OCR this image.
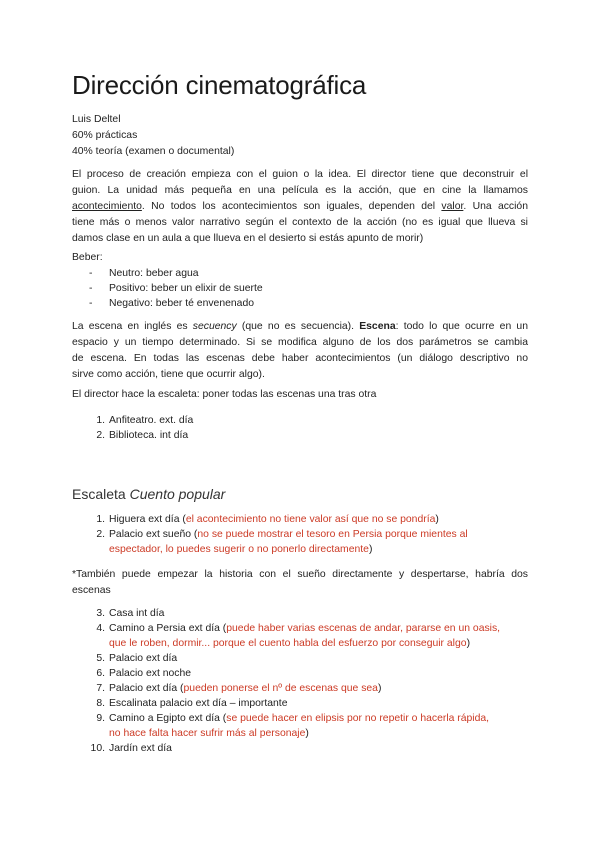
Dirección cinematográfica
Luis Deltel
60% prácticas
40% teoría (examen o documental)
El proceso de creación empieza con el guion o la idea. El director tiene que deconstruir el
guion. La unidad más pequeña en una película es la acción, que en cine la llamamos
acontecimiento. No todos los acontecimientos son iguales, dependen del valor. Una acción
tiene más o menos valor narrativo según el contexto de la acción (no es igual que llueva si
damos clase en un aula a que llueva en el desierto si estás apunto de morir)
Beber:
- Neutro: beber agua
- Positivo: beber un elixir de suerte
- Negativo: beber té envenenado
La escena en inglés es secuency (que no es secuencia). Escena: todo lo que ocurre en un
espacio y un tiempo determinado. Si se modifica alguno de los dos parámetros se cambia
de escena. En todas las escenas debe haber acontecimientos (un diálogo descriptivo no
sirve como acción, tiene que ocurrir algo).
El director hace la escaleta: poner todas las escenas una tras otra
1. Anfiteatro. ext. día
2. Biblioteca. int día
Escaleta Cuento popular
1. Higuera ext día (el acontecimiento no tiene valor así que no se pondría)
2. Palacio ext sueño (no se puede mostrar el tesoro en Persia porque mientes al
espectador, lo puedes sugerir o no ponerlo directamente)
*También puede empezar la historia con el sueño directamente y despertarse, habría dos
escenas
3. Casa int día
4. Camino a Persia ext día (puede haber varias escenas de andar, pararse en un oasis,
que le roben, dormir... porque el cuento habla del esfuerzo por conseguir algo)
5. Palacio ext día
6. Palacio ext noche
7. Palacio ext día (pueden ponerse el nº de escenas que sea)
8. Escalinata palacio ext día – importante
9. Camino a Egipto ext día (se puede hacer en elipsis por no repetir o hacerla rápida,
no hace falta hacer sufrir más al personaje)
10. Jardín ext día
